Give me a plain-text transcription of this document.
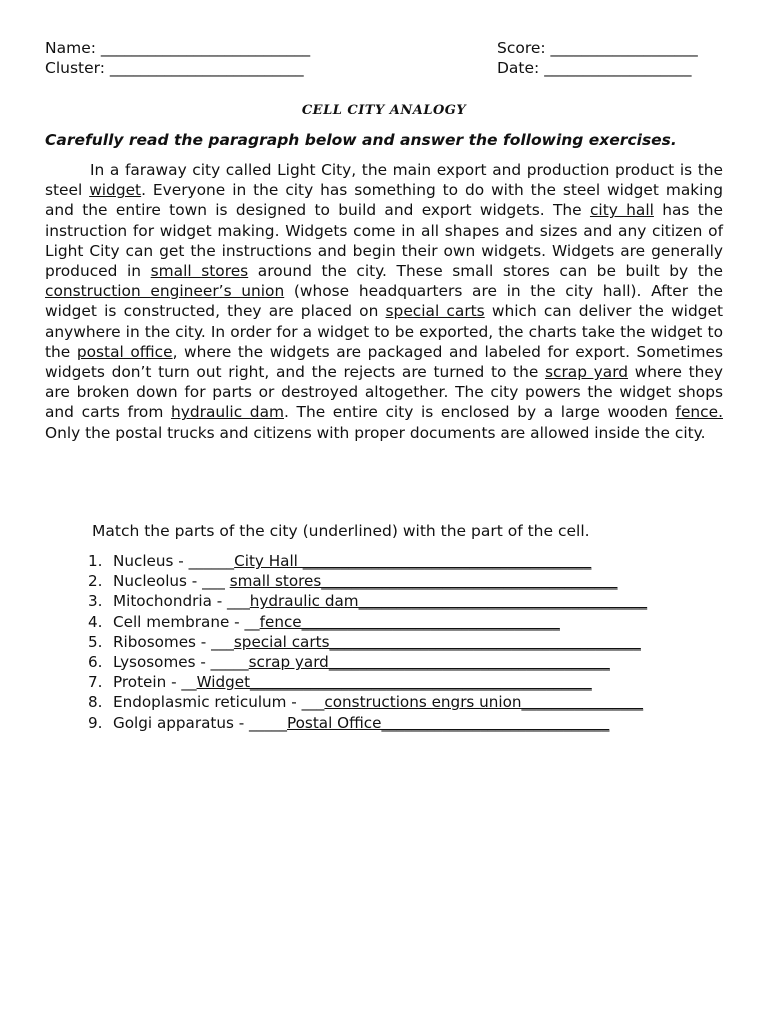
Name: ___________________________
Cluster: _________________________
Score: ___________________
Date: ___________________
CELL CITY ANALOGY
Carefully read the paragraph below and answer the following exercises.

In a faraway city called Light City, the main export and production product is the steel widget. Everyone in the city has something to do with the steel widget making and the entire town is designed to build and export widgets. The city hall has the instruction for widget making. Widgets come in all shapes and sizes and any citizen of Light City can get the instructions and begin their own widgets. Widgets are generally produced in small stores around the city. These small stores can be built by the construction engineer’s union (whose headquarters are in the city hall). After the widget is constructed, they are placed on special carts which can deliver the widget anywhere in the city. In order for a widget to be exported, the charts take the widget to the postal office, where the widgets are packaged and labeled for export. Sometimes widgets don’t turn out right, and the rejects are turned to the scrap yard where they are broken down for parts or destroyed altogether. The city powers the widget shops and carts from hydraulic dam. The entire city is enclosed by a large wooden fence. Only the postal trucks and citizens with proper documents are allowed inside the city.

Match the parts of the city (underlined) with the part of the cell.
1. Nucleus - ______City Hall ______________________________________
2. Nucleolus - ___ small stores_______________________________________
3. Mitochondria - ___hydraulic dam______________________________________
4. Cell membrane - __fence__________________________________
5. Ribosomes - ___special carts_________________________________________
6. Lysosomes - _____scrap yard_____________________________________
7. Protein - __Widget_____________________________________________
8. Endoplasmic reticulum - ___constructions engrs union________________
9. Golgi apparatus - _____Postal Office______________________________
